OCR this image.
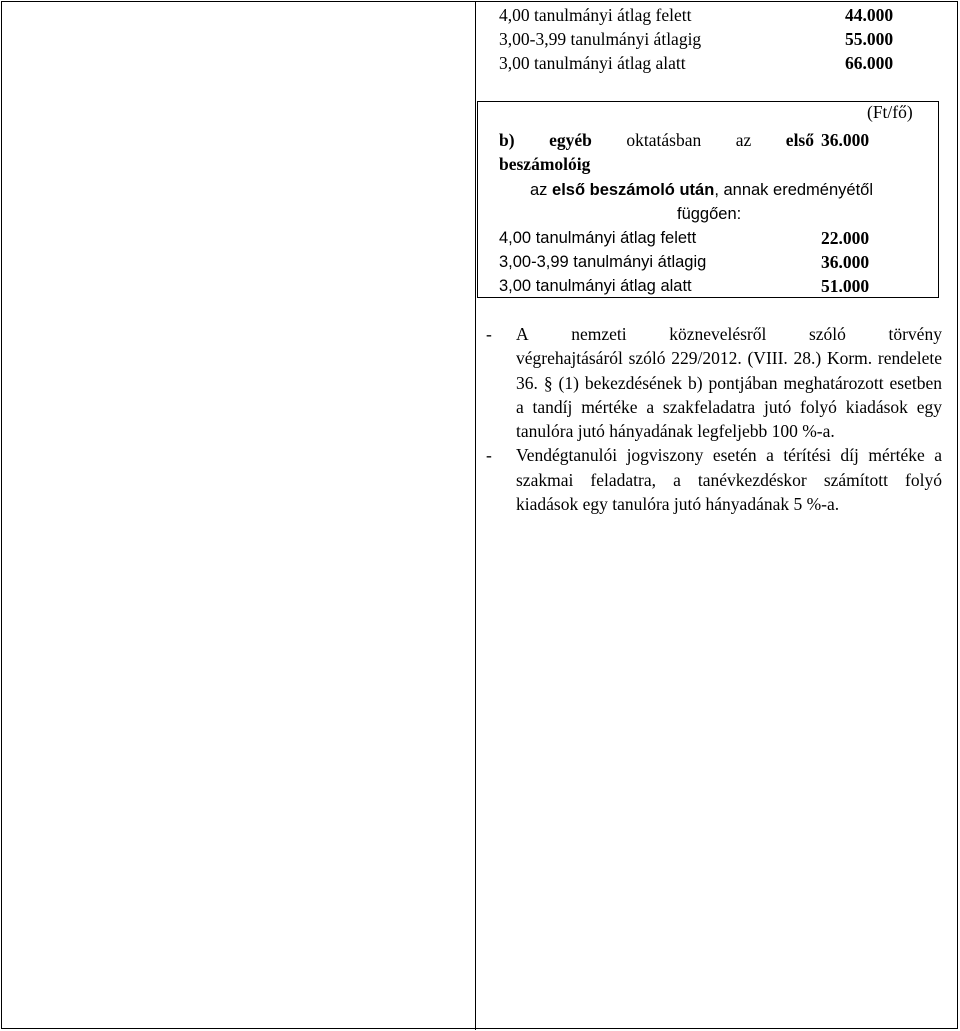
4,00 tanulmányi átlag felett	44.000
3,00-3,99 tanulmányi átlagig	55.000
3,00 tanulmányi átlag alatt	66.000
(Ft/fő)
b) egyéb oktatásban az első 36.000
beszámolóig
az első beszámoló után, annak eredményétől
függően:
4,00 tanulmányi átlag felett	22.000
3,00-3,99 tanulmányi átlagig	36.000
3,00 tanulmányi átlag alatt	51.000
- A nemzeti köznevelésről szóló törvény
végrehajtásáról szóló 229/2012. (VIII. 28.) Korm. rendelete 36. § (1) bekezdésének b) pontjában meghatározott esetben a tandíj mértéke a szakfeladatra jutó folyó kiadások egy tanulóra jutó hányadának legfeljebb 100 %-a.
- Vendégtanulói jogviszony esetén a térítési díj mértéke a szakmai feladatra, a tanévkezdéskor számított folyó kiadások egy tanulóra jutó hányadának 5 %-a.
